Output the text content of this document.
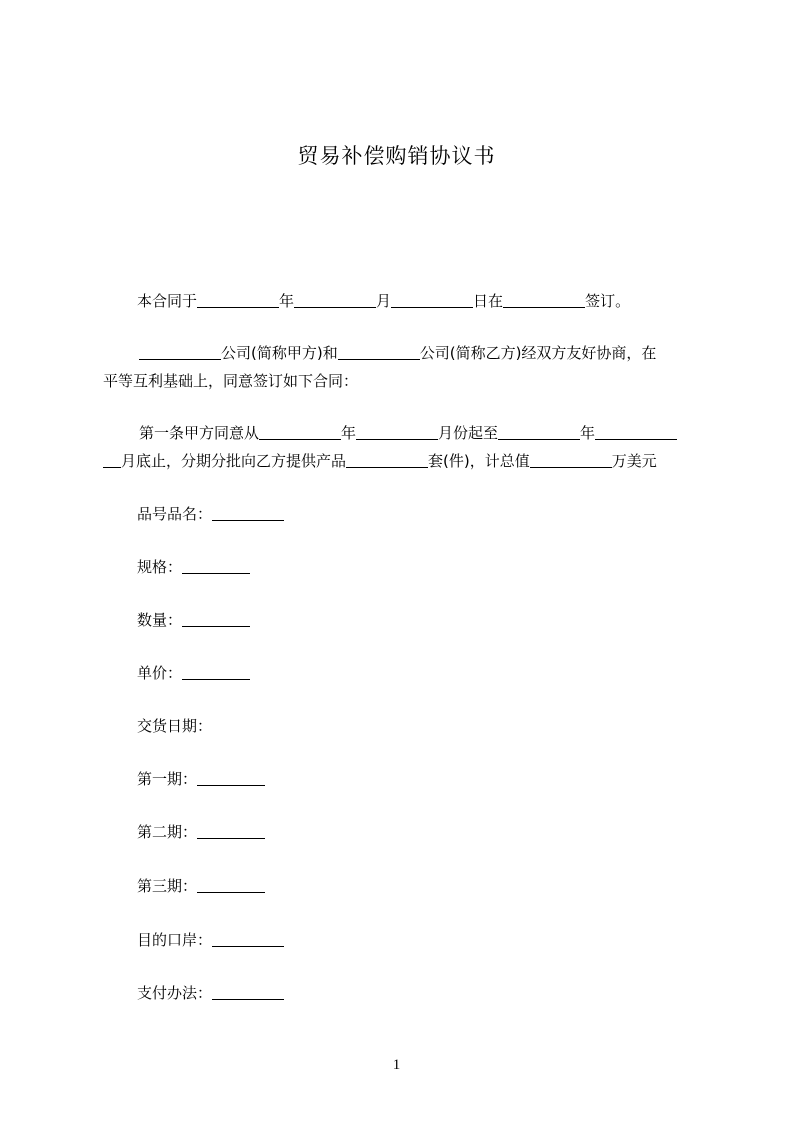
贸易补偿购销协议书
本合同于	年	月	日在	签订。
公司(简称甲方)和	公司(简称乙方)经双方友好协商，在
平等互利基础上，同意签订如下合同：
第一条甲方同意从	年	月份起至	年
月底止，分期分批向乙方提供产品	套(件)，计总值	万美元
品号品名：
规格：
数量：
单价：
交货日期：
第一期：
第二期：
第三期：
目的口岸：
支付办法：
1
